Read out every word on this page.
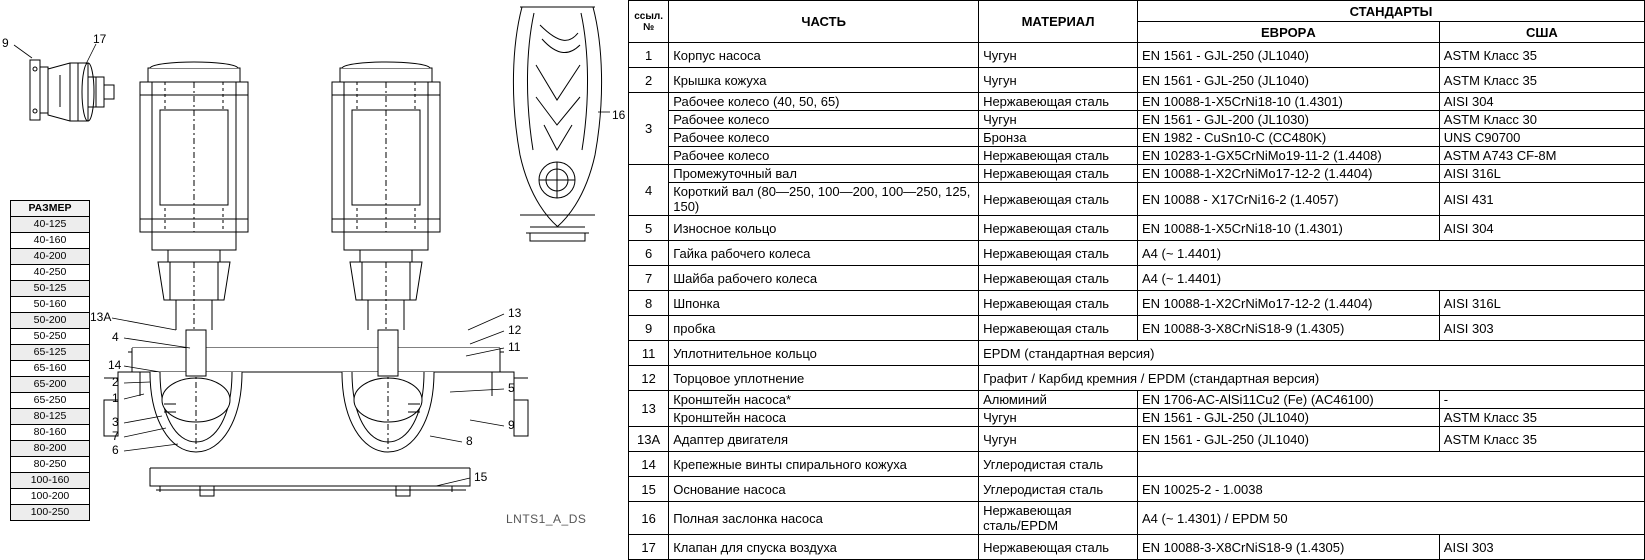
9	17
16
13A
4
14
2
1
3
7
6
13
12
11
5
9
8
15
РАЗМЕР
40-125
40-160
40-200
40-250
50-125
50-160
50-200
50-250
65-125
65-160
65-200
65-250
80-125
80-160
80-200
80-250
100-160
100-200
100-250	LNTS1_A_DS
ссыл.
№	ЧАСТЬ	МАТЕРИАЛ	СТАНДАРТЫ	
			ЕВРОPА	США
1	Корпус насоса	Чугун	EN 1561 - GJL-250 (JL1040)	ASTM Класс 35
2	Крышка кожуха	Чугун	EN 1561 - GJL-250 (JL1040)	ASTM Класс 35
3	Рабочее колесо (40, 50, 65)	Нержавеющая сталь	EN 10088-1-X5CrNi18-10 (1.4301)	AISI 304
	Рабочее колесо	Чугун	EN 1561 - GJL-200 (JL1030)	ASTM Класс 30
	Рабочее колесо	Бронза	EN 1982 - CuSn10-C (CC480K)	UNS C90700
	Рабочее колесо	Нержавеющая сталь	EN 10283-1-GX5CrNiMo19-11-2 (1.4408)	ASTM A743 CF-8M
4	Промежуточный вал	Нержавеющая сталь	EN 10088-1-X2CrNiMo17-12-2 (1.4404)	AISI 316L
	Короткий вал (80—250, 100—200, 100—250, 125, 150)	Нержавеющая сталь	EN 10088 - X17CrNi16-2 (1.4057)	AISI 431
5	Износное кольцо	Нержавеющая сталь	EN 10088-1-X5CrNi18-10 (1.4301)	AISI 304
6	Гайка рабочего колеса	Нержавеющая сталь	A4 (~ 1.4401)	
7	Шайба рабочего колеса	Нержавеющая сталь	A4 (~ 1.4401)	
8	Шпонка	Нержавеющая сталь	EN 10088-1-X2CrNiMo17-12-2 (1.4404)	AISI 316L
9	пробка	Нержавеющая сталь	EN 10088-3-X8CrNiS18-9 (1.4305)	AISI 303
11	Уплотнительное кольцо	EPDM (стандартная версия)		
12	Торцовое уплотнение	Графит / Карбид кремния / EPDM (стандартная версия)		
13	Кронштейн насоса*	Алюминий	EN 1706-AC-AlSi11Cu2 (Fe) (AC46100)	-
	Кронштейн насоса	Чугун	EN 1561 - GJL-250 (JL1040)	ASTM Класс 35
13A	Адаптер двигателя	Чугун	EN 1561 - GJL-250 (JL1040)	ASTM Класс 35
14	Крепежные винты спирального кожуха	Углеродистая сталь		
15	Основание насоса	Углеродистая сталь	EN 10025-2 - 1.0038	
16	Полная заслонка насоса	Нержавеющая сталь/EPDM	A4 (~ 1.4301) / EPDM 50	
17	Клапан для спуска воздуха	Нержавеющая сталь	EN 10088-3-X8CrNiS18-9 (1.4305)	AISI 303
